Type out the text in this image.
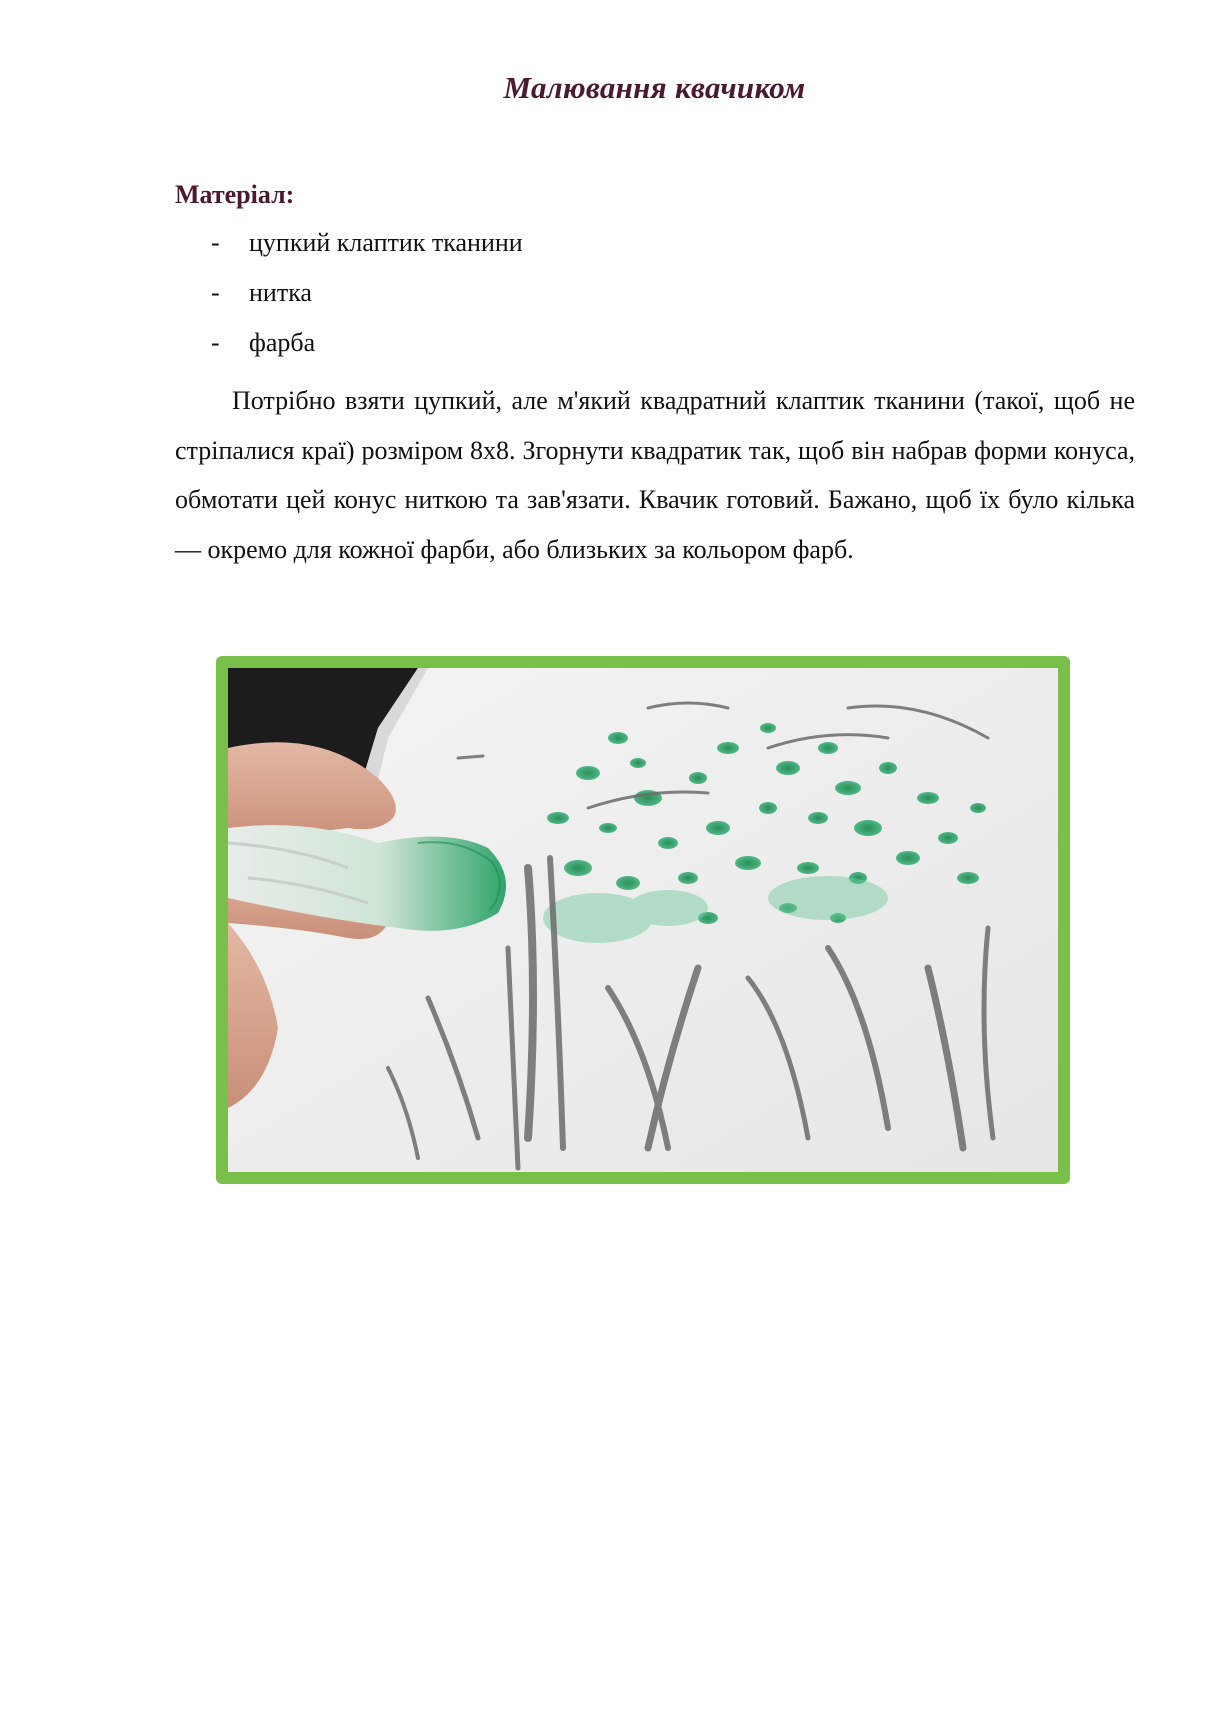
Малювання квачиком
Матеріал:
- цупкий клаптик тканини
- нитка
- фарба

Потрібно взяти цупкий, але м'який квадратний клаптик тканини (такої, щоб не стріпалися краї) розміром 8х8. Згорнути квадратик так, щоб він набрав форми конуса, обмотати цей конус ниткою та зав'язати. Квачик готовий. Бажано, щоб їх було кілька — окремо для кожної фарби, або близьких за кольором фарб.
